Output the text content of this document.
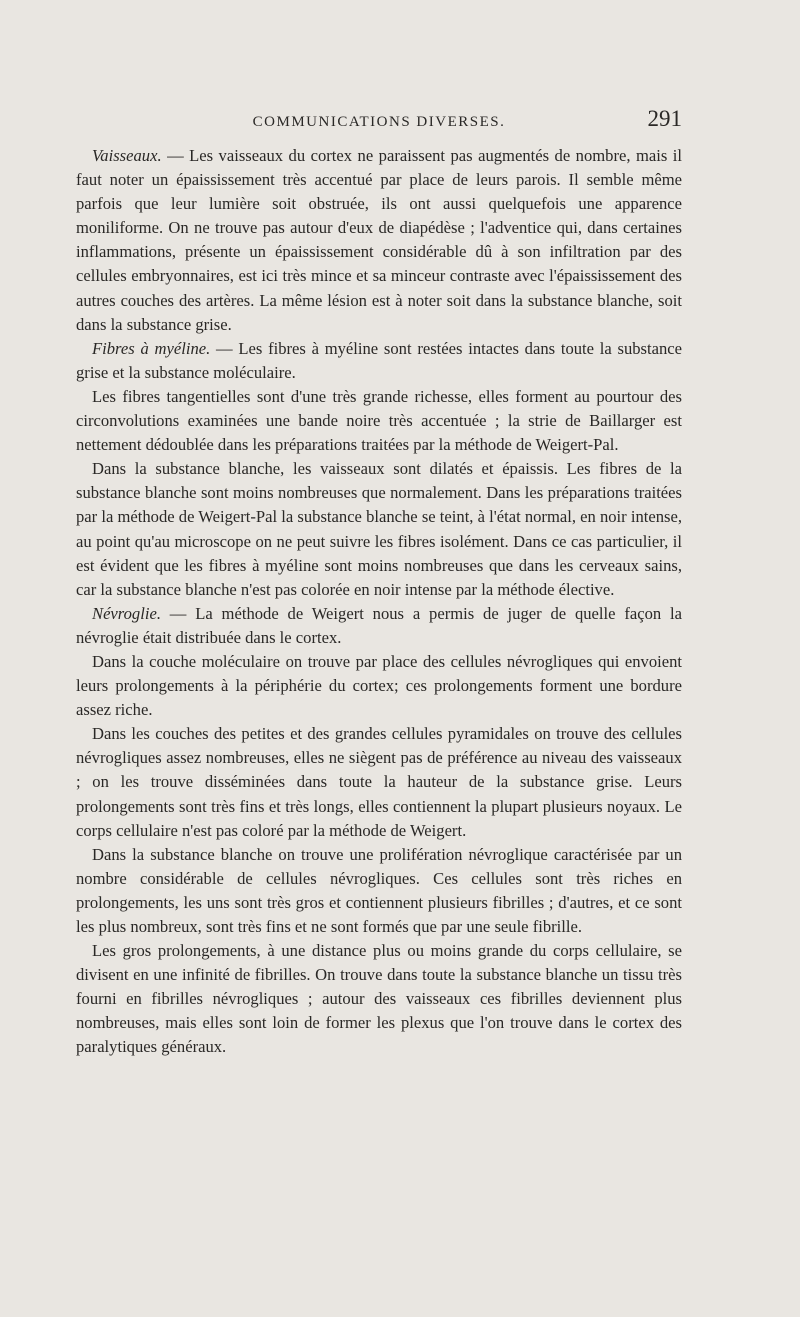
COMMUNICATIONS DIVERSES.	291

Vaisseaux. — Les vaisseaux du cortex ne paraissent pas augmentés de nombre, mais il faut noter un épaississement très accentué par place de leurs parois. Il semble même parfois que leur lumière soit obstruée, ils ont aussi quelquefois une apparence moniliforme. On ne trouve pas autour d'eux de diapédèse ; l'adventice qui, dans certaines inflammations, présente un épaississement considérable dû à son infiltration par des cellules embryonnaires, est ici très mince et sa minceur contraste avec l'épaississement des autres couches des artères. La même lésion est à noter soit dans la substance blanche, soit dans la substance grise.

Fibres à myéline. — Les fibres à myéline sont restées intactes dans toute la substance grise et la substance moléculaire.

Les fibres tangentielles sont d'une très grande richesse, elles forment au pourtour des circonvolutions examinées une bande noire très accentuée ; la strie de Baillarger est nettement dédoublée dans les préparations traitées par la méthode de Weigert-Pal.

Dans la substance blanche, les vaisseaux sont dilatés et épaissis. Les fibres de la substance blanche sont moins nombreuses que normalement. Dans les préparations traitées par la méthode de Weigert-Pal la substance blanche se teint, à l'état normal, en noir intense, au point qu'au microscope on ne peut suivre les fibres isolément. Dans ce cas particulier, il est évident que les fibres à myéline sont moins nombreuses que dans les cerveaux sains, car la substance blanche n'est pas colorée en noir intense par la méthode élective.

Névroglie. — La méthode de Weigert nous a permis de juger de quelle façon la névroglie était distribuée dans le cortex.

Dans la couche moléculaire on trouve par place des cellules névrogliques qui envoient leurs prolongements à la périphérie du cortex; ces prolongements forment une bordure assez riche.

Dans les couches des petites et des grandes cellules pyramidales on trouve des cellules névrogliques assez nombreuses, elles ne siègent pas de préférence au niveau des vaisseaux ; on les trouve disséminées dans toute la hauteur de la substance grise. Leurs prolongements sont très fins et très longs, elles contiennent la plupart plusieurs noyaux. Le corps cellulaire n'est pas coloré par la méthode de Weigert.

Dans la substance blanche on trouve une prolifération névroglique caractérisée par un nombre considérable de cellules névrogliques. Ces cellules sont très riches en prolongements, les uns sont très gros et contiennent plusieurs fibrilles ; d'autres, et ce sont les plus nombreux, sont très fins et ne sont formés que par une seule fibrille.

Les gros prolongements, à une distance plus ou moins grande du corps cellulaire, se divisent en une infinité de fibrilles. On trouve dans toute la substance blanche un tissu très fourni en fibrilles névrogliques ; autour des vaisseaux ces fibrilles deviennent plus nombreuses, mais elles sont loin de former les plexus que l'on trouve dans le cortex des paralytiques généraux.
